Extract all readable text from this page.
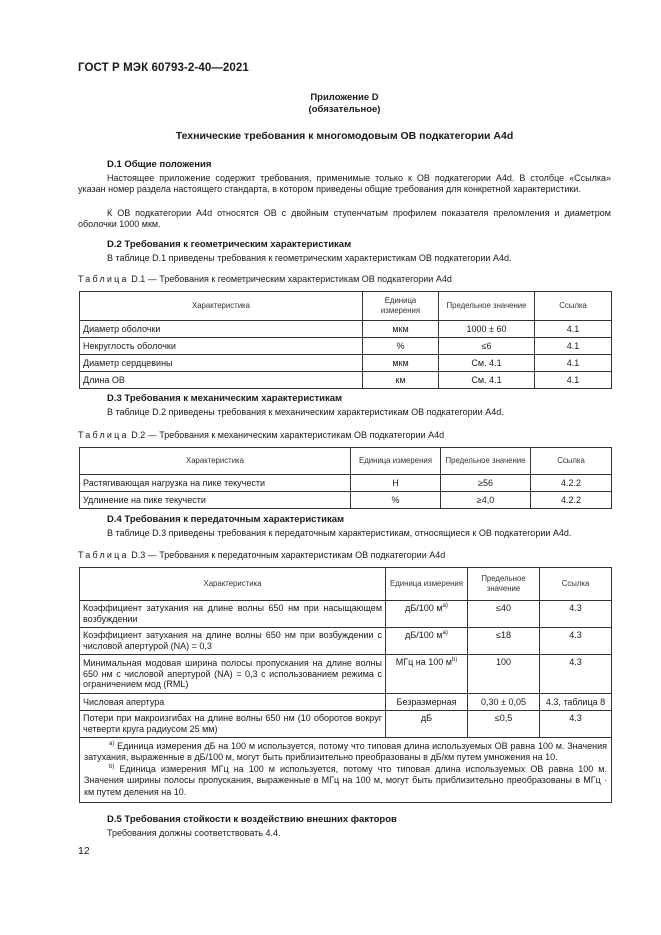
ГОСТ Р МЭК 60793-2-40—2021
Приложение D
(обязательное)
Технические требования к многомодовым ОВ подкатегории А4d
D.1 Общие положения
Настоящее приложение содержит требования, применимые только к ОВ подкатегории А4d. В столбце «Ссылка» указан номер раздела настоящего стандарта, в котором приведены общие требования для конкретной характеристики.
К ОВ подкатегории А4d относятся ОВ с двойным ступенчатым профилем показателя преломления и диаметром оболочки 1000 мкм.
D.2 Требования к геометрическим характеристикам
В таблице D.1 приведены требования к геометрическим характеристикам ОВ подкатегории А4d.
Таблица D.1 — Требования к геометрическим характеристикам ОВ подкатегории А4d
Характеристика	Единица измерения	Предельное значение	Ссылка
Диаметр оболочки	мкм	1000 ± 60	4.1
Некруглость оболочки	%	≤6	4.1
Диаметр сердцевины	мкм	См. 4.1	4.1
Длина ОВ	км	См. 4.1	4.1
D.3 Требования к механическим характеристикам
В таблице D.2 приведены требования к механическим характеристикам ОВ подкатегории А4d.
Таблица D.2 — Требования к механическим характеристикам ОВ подкатегории А4d
Характеристика	Единица измерения	Предельное значение	Ссылка
Растягивающая нагрузка на пике текучести	Н	≥56	4.2.2
Удлинение на пике текучести	%	≥4,0	4.2.2
D.4 Требования к передаточным характеристикам
В таблице D.3 приведены требования к передаточным характеристикам, относящиеся к ОВ подкатегории А4d.
Таблица D.3 — Требования к передаточным характеристикам ОВ подкатегории А4d
Характеристика	Единица измерения	Предельное значение	Ссылка
Коэффициент затухания на длине волны 650 нм при насыщающем возбуждении	дБ/100 $м^{а)}$	≤40	4.3
Коэффициент затухания на длине волны 650 нм при возбуждении с числовой апертурой (NA) = 0,3	дБ/100 $м^{а)}$	≤18	4.3
Минимальная модовая ширина полосы пропускания на длине волны 650 нм с числовой апертурой (NA) = 0,3 с использованием режима с ограничением мод (RML)	МГц на 100 $м^{b)}$	100	4.3
Числовая апертура	Безразмерная	0,30 ± 0,05	4.3, таблица 8
Потери при макроизгибах на длине волны 650 нм (10 оборотов вокруг четверти круга радиусом 25 мм)	дБ	≤0,5	4.3

$^{а)}$ Единица измерения дБ на 100 м используется, потому что типовая длина используемых ОВ равна 100 м. Значения затухания, выраженные в дБ/100 м, могут быть приблизительно преобразованы в дБ/км путем умножения на 10.
$^{b)}$ Единица измерения МГц на 100 м используется, потому что типовая длина используемых ОВ равна 100 м. Значения ширины полосы пропускания, выраженные в МГц на 100 м, могут быть приблизительно преобразованы в МГц · км путем деления на 10.			
D.5 Требования стойкости к воздействию внешних факторов
Требования должны соответствовать 4.4.
12
